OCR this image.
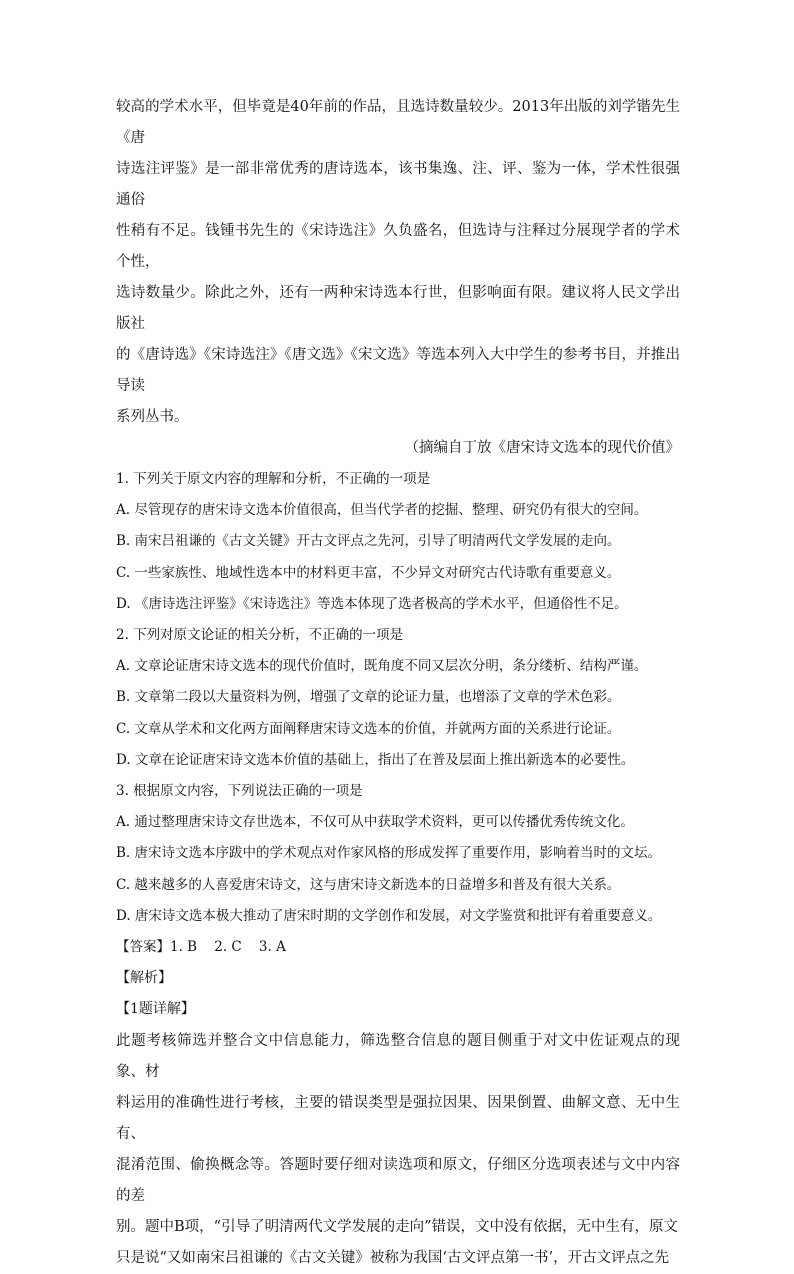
较高的学术水平，但毕竟是40年前的作品，且选诗数量较少。2013年出版的刘学锴先生《唐

诗选注评鉴》是一部非常优秀的唐诗选本，该书集逸、注、评、鉴为一体，学术性很强通俗

性稍有不足。钱锺书先生的《宋诗选注》久负盛名，但选诗与注释过分展现学者的学术个性，

选诗数量少。除此之外，还有一两种宋诗选本行世，但影响面有限。建议将人民文学出版社

的《唐诗选》《宋诗选注》《唐文选》《宋文选》等选本列入大中学生的参考书目，并推出导读

系列丛书。

（摘编自丁放《唐宋诗文选本的现代价值》

1. 下列关于原文内容的理解和分析，不正确的一项是

A. 尽管现存的唐宋诗文选本价值很高，但当代学者的挖掘、整理、研究仍有很大的空间。

B. 南宋吕祖谦的《古文关键》开古文评点之先河，引导了明清两代文学发展的走向。

C. 一些家族性、地域性选本中的材料更丰富，不少异文对研究古代诗歌有重要意义。

D. 《唐诗选注评鉴》《宋诗选注》等选本体现了选者极高的学术水平，但通俗性不足。

2. 下列对原文论证的相关分析，不正确的一项是

A. 文章论证唐宋诗文选本的现代价值时，既角度不同又层次分明，条分缕析、结构严谨。

B. 文章第二段以大量资料为例，增强了文章的论证力量，也增添了文章的学术色彩。

C. 文章从学术和文化两方面阐释唐宋诗文选本的价值，并就两方面的关系进行论证。

D. 文章在论证唐宋诗文选本价值的基础上，指出了在普及层面上推出新选本的必要性。

3. 根据原文内容，下列说法正确的一项是

A. 通过整理唐宋诗文存世选本，不仅可从中获取学术资料，更可以传播优秀传统文化。

B. 唐宋诗文选本序跋中的学术观点对作家风格的形成发挥了重要作用，影响着当时的文坛。

C. 越来越多的人喜爱唐宋诗文，这与唐宋诗文新选本的日益增多和普及有很大关系。

D. 唐宋诗文选本极大推动了唐宋时期的文学创作和发展，对文学鉴赏和批评有着重要意义。

【答案】1. B    2. C    3. A

【解析】

【1题详解】

此题考核筛选并整合文中信息能力，筛选整合信息的题目侧重于对文中佐证观点的现象、材

料运用的准确性进行考核，主要的错误类型是强拉因果、因果倒置、曲解文意、无中生有、

混淆范围、偷换概念等。答题时要仔细对读选项和原文，仔细区分选项表述与文中内容的差

别。题中B项，“引导了明清两代文学发展的走向”错误，文中没有依据，无中生有，原文

只是说“又如南宋吕祖谦的《古文关键》被称为我国‘古文评点第一书’，开古文评点之先
